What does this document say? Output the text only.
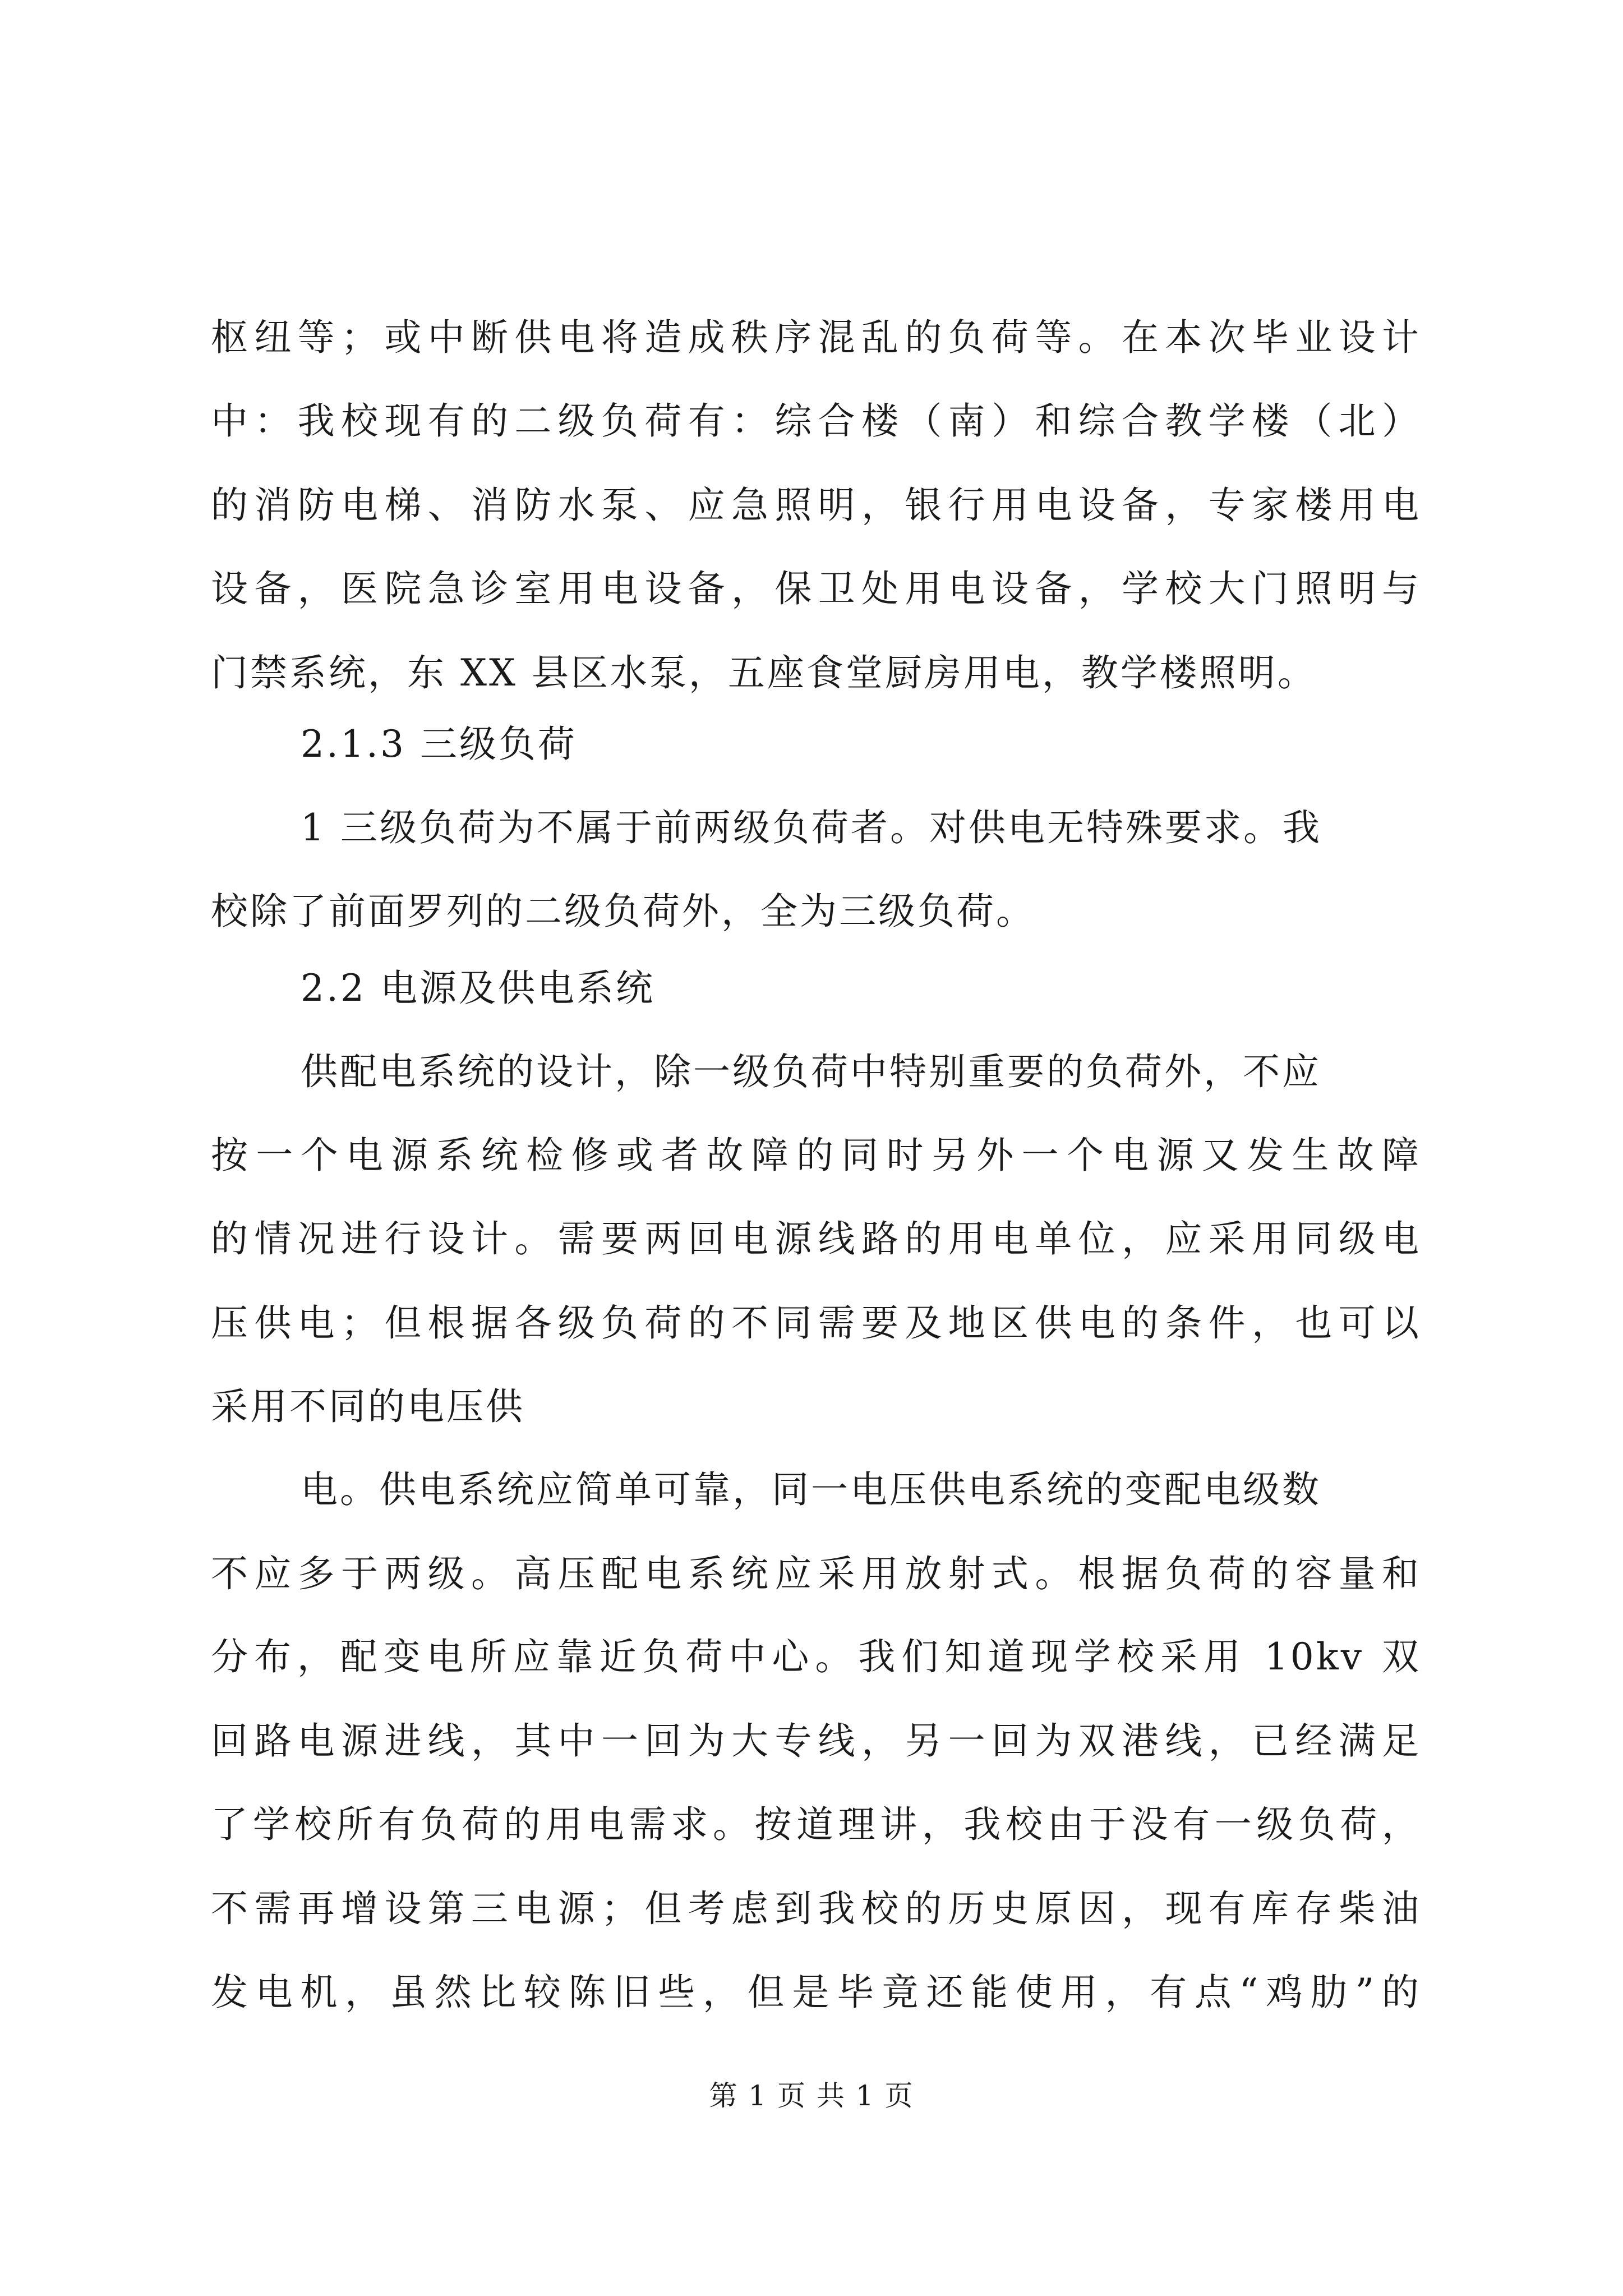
枢纽等；或中断供电将造成秩序混乱的负荷等。在本次毕业设计
中：我校现有的二级负荷有：综合楼（南）和综合教学楼（北）
的消防电梯、消防水泵、应急照明，银行用电设备，专家楼用电
设备，医院急诊室用电设备，保卫处用电设备，学校大门照明与
门禁系统，东 XX 县区水泵，五座食堂厨房用电，教学楼照明。
2.1.3 三级负荷
1 三级负荷为不属于前两级负荷者。对供电无特殊要求。我
校除了前面罗列的二级负荷外，全为三级负荷。
2.2 电源及供电系统
供配电系统的设计，除一级负荷中特别重要的负荷外，不应
按一个电源系统检修或者故障的同时另外一个电源又发生故障
的情况进行设计。需要两回电源线路的用电单位，应采用同级电
压供电；但根据各级负荷的不同需要及地区供电的条件，也可以
采用不同的电压供
电。供电系统应简单可靠，同一电压供电系统的变配电级数
不应多于两级。高压配电系统应采用放射式。根据负荷的容量和
分布，配变电所应靠近负荷中心。我们知道现学校采用 10kv 双
回路电源进线，其中一回为大专线，另一回为双港线，已经满足
了学校所有负荷的用电需求。按道理讲，我校由于没有一级负荷，
不需再增设第三电源；但考虑到我校的历史原因，现有库存柴油
发电机，虽然比较陈旧些，但是毕竟还能使用，有点“鸡肋”的
第 1 页 共 1 页
